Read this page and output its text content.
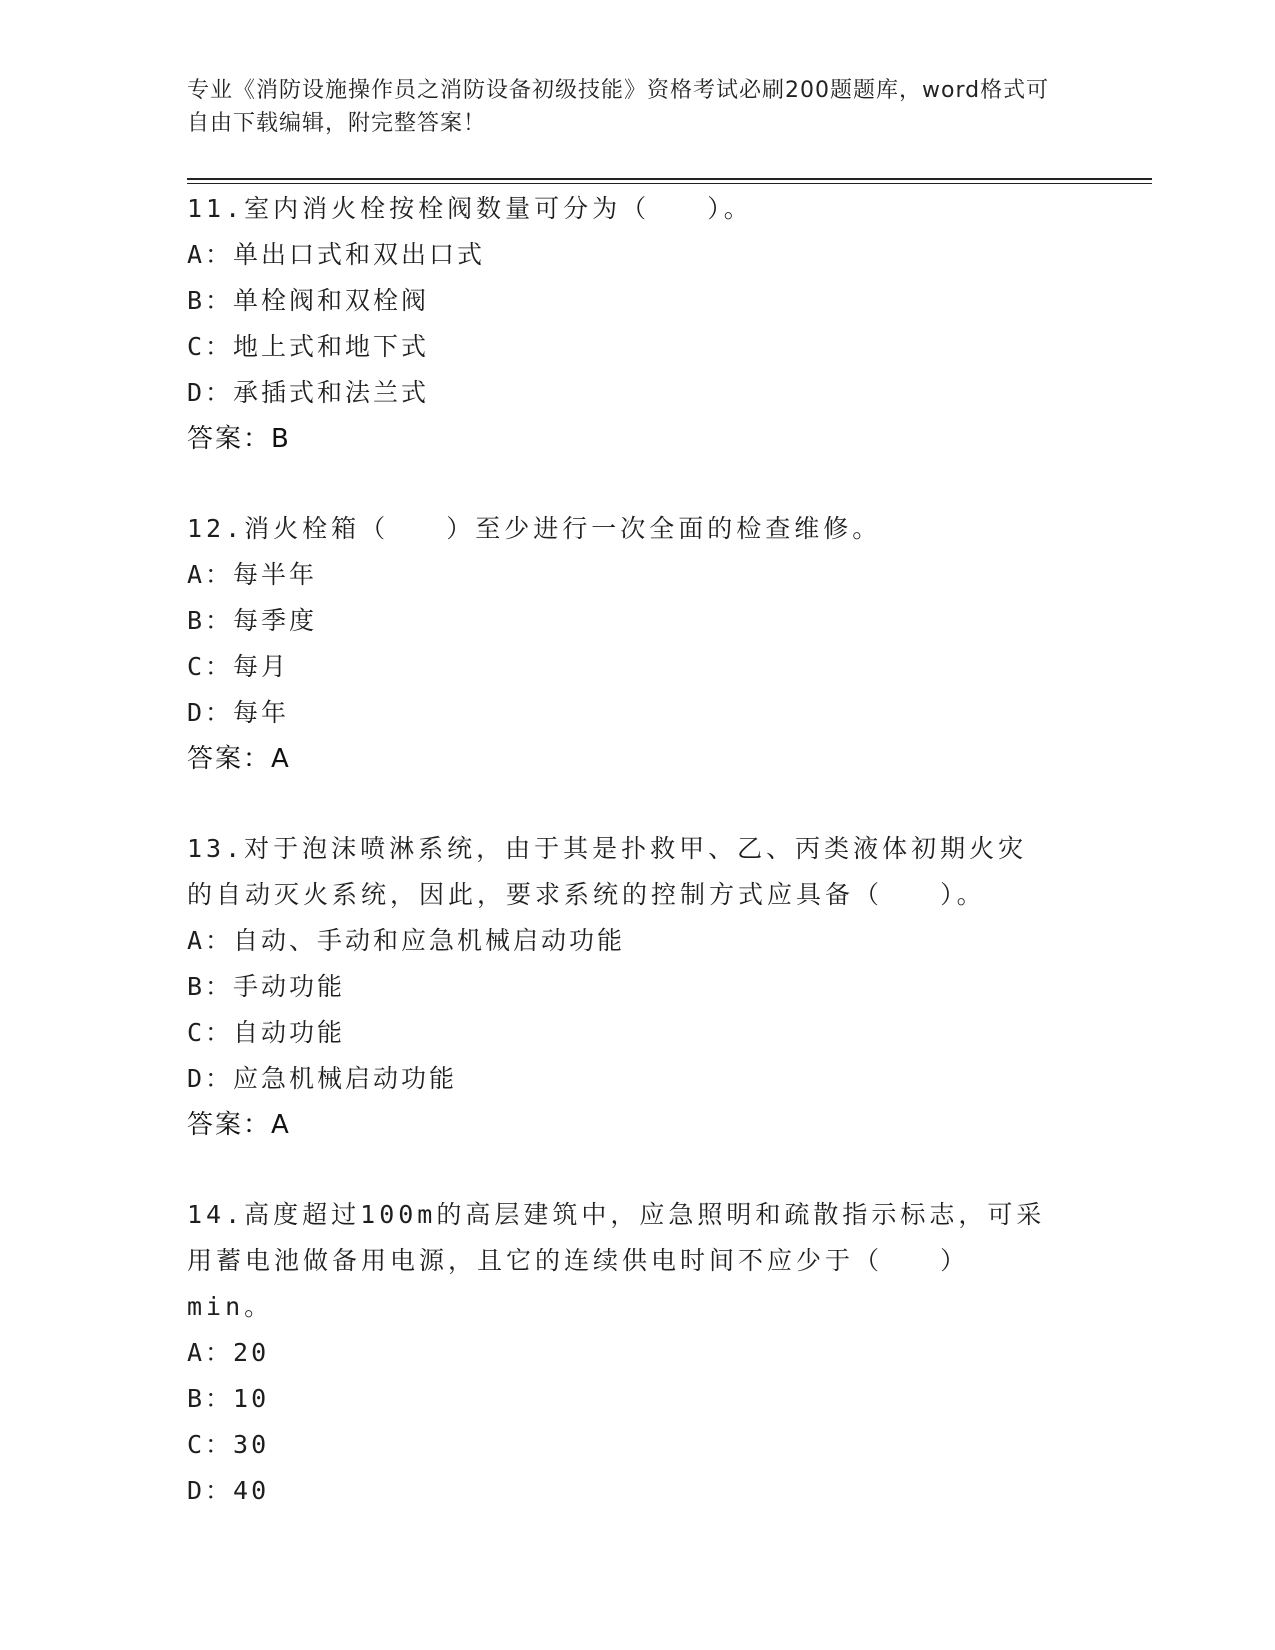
专业《消防设施操作员之消防设备初级技能》资格考试必刷200题题库，word格式可自由下载编辑，附完整答案！
11.室内消火栓按栓阀数量可分为（   ）。
A：单出口式和双出口式
B：单栓阀和双栓阀
C：地上式和地下式
D：承插式和法兰式
答案：B
12.消火栓箱（   ）至少进行一次全面的检查维修。
A：每半年
B：每季度
C：每月
D：每年
答案：A
13.对于泡沫喷淋系统，由于其是扑救甲、乙、丙类液体初期火灾的自动灭火系统，因此，要求系统的控制方式应具备（   ）。
A：自动、手动和应急机械启动功能
B：手动功能
C：自动功能
D：应急机械启动功能
答案：A
14.高度超过100m的高层建筑中，应急照明和疏散指示标志，可采用蓄电池做备用电源，且它的连续供电时间不应少于（   ）min。
A：20
B：10
C：30
D：40
